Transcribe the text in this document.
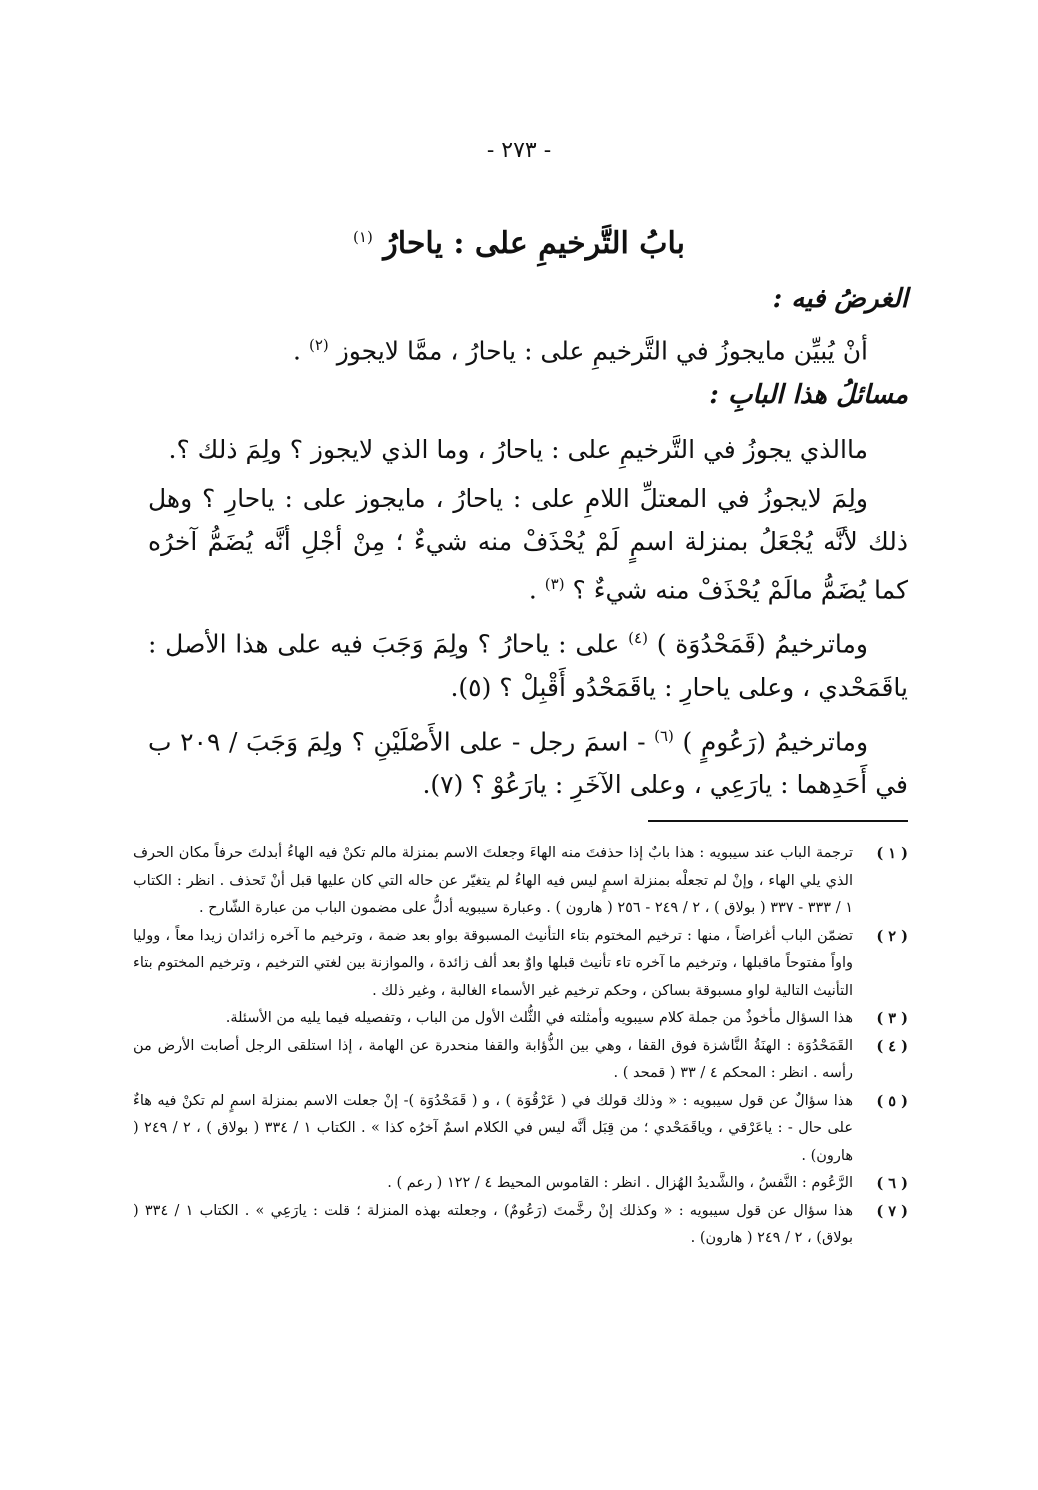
- ٢٧٣ -
بابُ التَّرخيمِ على : ياحارُ $^{(١)}$
الغرضُ فيه :
أنْ يُبيِّن مايجوزُ في التَّرخيمِ على : ياحارُ ، ممَّا لايجوز $^{(٢)}$ .
مسائلُ هذا البابِ :
ماالذي يجوزُ في التَّرخيمِ على : ياحارُ ، وما الذي لايجوز ؟ ولِمَ ذلك ؟.
ولِمَ لايجوزُ في المعتلِّ اللامِ على : ياحارُ ، مايجوز على : ياحارِ ؟ وهل ذلك لأنَّه يُجْعَلُ بمنزلة اسمٍ لَمْ يُحْذَفْ منه شيءٌ ؛ مِنْ أجْلِ أنَّه يُضَمُّ آخرُه كما يُضَمُّ مالَمْ يُحْذَفْ منه شيءٌ ؟ $^{(٣)}$ .
وماترخيمُ (قَمَحْدُوَة ) $^{(٤)}$ على : ياحارُ ؟ ولِمَ وَجَبَ فيه على هذا الأصل : ياقَمَحْدي ، وعلى ياحارِ : ياقَمَحْدُو أَقْبِلْ ؟ (٥).
وماترخيمُ (رَعُومٍ ) $^{(٦)}$ - اسمَ رجل - على الأَصْلَيْنِ ؟ ولِمَ وَجَبَ / ٢٠٩ ب في أَحَدِهما : يارَعِي ، وعلى الآخَرِ : يارَعُوْ ؟ (٧).
( ١ )
ترجمة الباب عند سيبويه : هذا بابٌ إذا حذفتَ منه الهاءَ وجعلتَ الاسم بمنزلة مالم تكنْ فيه الهاءُ أبدلتَ حرفاً مكان الحرف الذي يلي الهاء ، وإنْ لم تجعلْه بمنزلة اسمٍ ليس فيه الهاءُ لم يتغيّر عن حاله التي كان عليها قبل أنْ تَحذف . انظر : الكتاب ١ / ٣٣٣ - ٣٣٧ ( بولاق ) ، ٢ / ٢٤٩ - ٢٥٦ ( هارون ) . وعبارة سيبويه أدلُّ على مضمون الباب من عبارة الشّارح .
( ٢ )
تضمّن الباب أغراضاً ، منها : ترخيم المختوم بتاء التأنيث المسبوقة بواو بعد ضمة ، وترخيم ما آخره زائدان زيدا معاً ، ووليا واواً مفتوحاً ماقبلها ، وترخيم ما آخره تاء تأنيث قبلها واوٌ بعد ألف زائدة ، والموازنة بين لغتي الترخيم ، وترخيم المختوم بتاء التأنيث التالية لواو مسبوقة بساكن ، وحكم ترخيم غير الأسماء الغالبة ، وغير ذلك .
( ٣ )
هذا السؤال مأخوذٌ من جملة كلام سيبويه وأمثلته في الثُّلث الأول من الباب ، وتفصيله فيما يليه من الأسئلة.
( ٤ )
القَمَحْدُوَة : الهنَةُ النَّاشزة فوق القفا ، وهي بين الذُّؤابة والقفا منحدرة عن الهامة ، إذا استلقى الرجل أصابت الأرض من رأسه . انظر : المحكم ٤ / ٣٣ ( قمحد ) .
( ٥ )
هذا سؤالٌ عن قول سيبويه : « وذلك قولك في ( عَرْقُوَة ) ، و ( قَمَحْدُوَة )- إنْ جعلت الاسم بمنزلة اسمٍ لم تكنْ فيه هاءٌ على حال - : ياعَرْقي ، وياقَمَحْدي ؛ من قِبَل أنَّه ليس في الكلام اسمٌ آخرُه كذا » . الكتاب ١ / ٣٣٤ ( بولاق ) ، ٢ / ٢٤٩ ( هارون) .
( ٦ )
الرَّعُوم : النَّفسُ ، والشَّديدُ الهُزال . انظر : القاموس المحيط ٤ / ١٢٢ ( رعم ) .
( ٧ )
هذا سؤال عن قول سيبويه : « وكذلك إنْ رخَّمتَ (رَعُومٌ) ، وجعلته بهذه المنزلة ؛ قلت : يارَعِي » . الكتاب ١ / ٣٣٤ ( بولاق) ، ٢ / ٢٤٩ ( هارون) .
